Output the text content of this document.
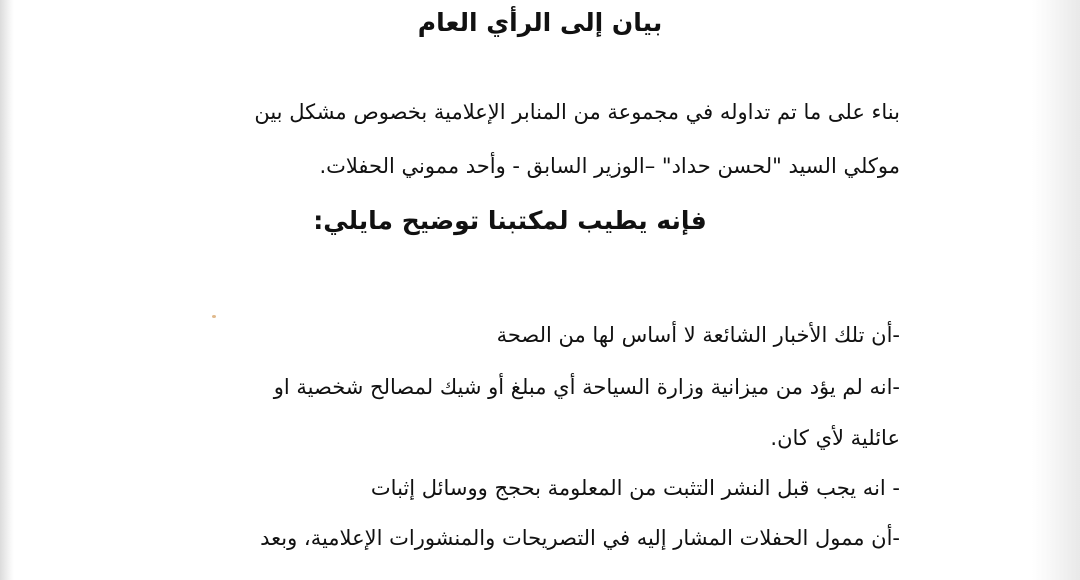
بيان إلى الرأي العام
بناء على ما تم تداوله في مجموعة من المنابر الإعلامية بخصوص مشكل بين
موكلي السيد "لحسن حداد" –الوزير السابق - وأحد مموني الحفلات.
فإنه يطيب لمكتبنا توضيح مايلي:
-أن تلك الأخبار الشائعة لا أساس لها من الصحة
-انه لم يؤد من ميزانية وزارة السياحة أي مبلغ أو شيك لمصالح شخصية او
عائلية لأي كان.
- انه يجب قبل النشر التثبت من المعلومة بحجج ووسائل إثبات
-أن ممول الحفلات المشار إليه في التصريحات والمنشورات الإعلامية، وبعد
